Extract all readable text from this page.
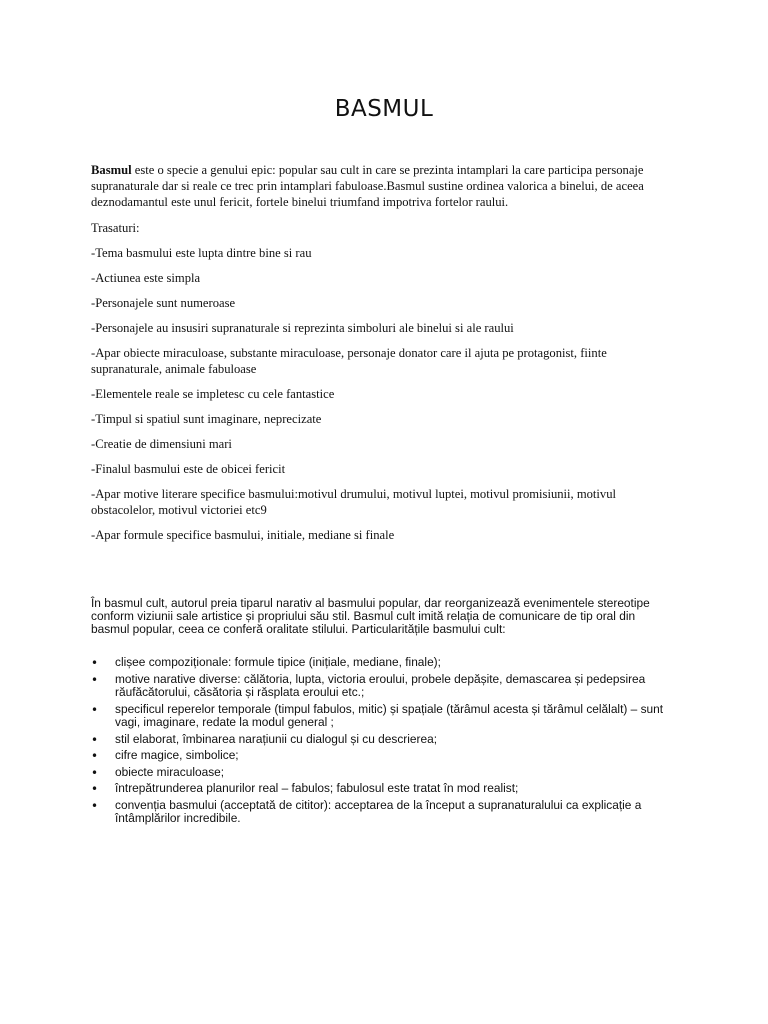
BASMUL

Basmul este o specie a genului epic: popular sau cult in care se prezinta intamplari la care participa personaje supranaturale dar si reale ce trec prin intamplari fabuloase.Basmul sustine ordinea valorica a binelui, de aceea deznodamantul este unul fericit, fortele binelui triumfand impotriva fortelor raului.

Trasaturi:

-Tema basmului este lupta dintre bine si rau

-Actiunea este simpla

-Personajele sunt numeroase

-Personajele au insusiri supranaturale si reprezinta simboluri ale binelui si ale raului

-Apar obiecte miraculoase, substante miraculoase, personaje donator care il ajuta pe protagonist, fiinte supranaturale, animale fabuloase

-Elementele reale se impletesc cu cele fantastice

-Timpul si spatiul sunt imaginare, neprecizate

-Creatie de dimensiuni mari

-Finalul basmului este de obicei fericit

-Apar motive literare specifice basmului:motivul drumului, motivul luptei, motivul promisiunii, motivul obstacolelor, motivul victoriei etc9

-Apar formule specifice basmului, initiale, mediane si finale

În basmul cult, autorul preia tiparul narativ al basmului popular, dar reorganizează evenimentele stereotipe conform viziunii sale artistice și propriului său stil. Basmul cult imită relația de comunicare de tip oral din basmul popular, ceea ce conferă oralitate stilului. Particularitățile basmului cult:

• clișee compoziționale: formule tipice (inițiale, mediane, finale);
• motive narative diverse: călătoria, lupta, victoria eroului, probele depășite, demascarea și pedepsirea răufăcătorului, căsătoria și răsplata eroului etc.;
• specificul reperelor temporale (timpul fabulos, mitic) și spațiale (tărâmul acesta și tărâmul celălalt) – sunt vagi, imaginare, redate la modul general ;
• stil elaborat, îmbinarea narațiunii cu dialogul și cu descrierea;
• cifre magice, simbolice;
• obiecte miraculoase;
• întrepătrunderea planurilor real – fabulos; fabulosul este tratat în mod realist;
• convenția basmului (acceptată de cititor): acceptarea de la început a supranaturalului ca explicație a întâmplărilor incredibile.
